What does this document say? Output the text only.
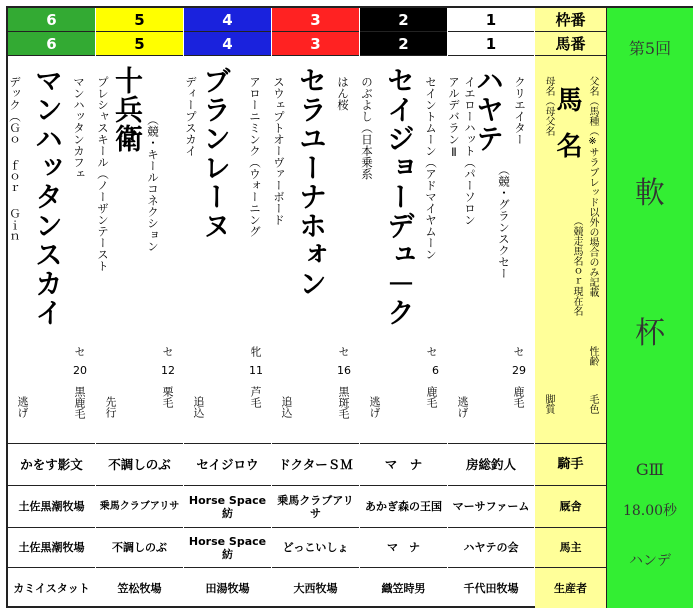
6
6
デック（Ｇｏ ｆｏｒ Ｇｉｎ マンハッタンスカイ マンハッタンカフェ
セ
20
黒鹿毛
逃げ
かをす影文
土佐黒潮牧場
土佐黒潮牧場
カミイスタット
5
5
プレシャスキール（ノーザンテースト 十兵衛
（競・キールコネクション
セ
12
栗毛
先行
不調しのぶ
乗馬クラブアリサ
不調しのぶ
笠松牧場
4
4
ディープスカイ ブランレーヌ アローニミンク（ウォーニング
牝
11
芦毛
追込
セイジロウ
Horse Space紡
Horse Space紡
田湯牧場
3
3
スウェプトオーヴァーボード セラユーナホォン はん桜
セ
16
黒斑毛
追込
ドクターＳＭ
乗馬クラブアリサ
どっこいしょ
大西牧場
2
2
のぶよし（日本乗系 セイジョーデュ－ク セイントムーン（アドマイヤムーン
セ
6
鹿毛
逃げ
マ　ナ
あかぎ森の王国
マ　ナ
織笠時男
1
1
クリエイター
ハヤテ
（競・グランスクセー
イエローハット（パーソロン
アルデバランⅡ
セ
29
鹿毛
逃げ
房総釣人
マーサファーム
ハヤテの会
千代田牧場
枠番
馬番
父名（馬種（※サラブレッド以外の場合のみ記載
馬名
（競走馬名ｏｒ現在名
母名（母父名
性齢
毛色
脚質
騎手
厩舎
馬主
生産者
第5回
軟
杯
GⅢ
18.00秒
ハンデ
